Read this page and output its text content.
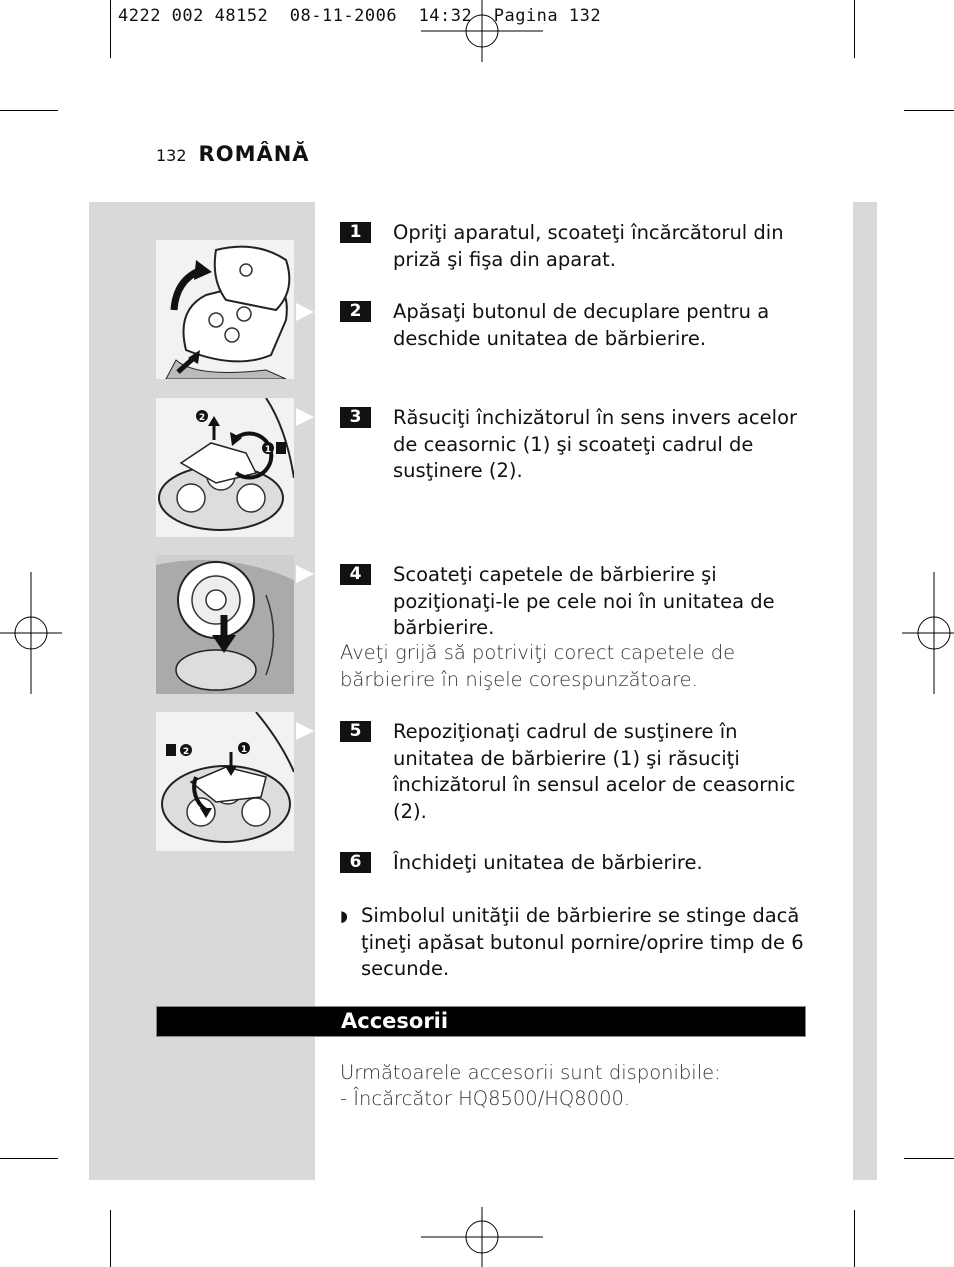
4222 002 48152  08-11-2006  14:32  Pagina 132
132 ROMÂNĂ
2
1
1
2
1	Opriţi aparatul, scoateţi încărcătorul din priză şi fişa din aparat.
2	Apăsaţi butonul de decuplare pentru a deschide unitatea de bărbierire.
3	Răsuciţi închizătorul în sens invers acelor de ceasornic (1) şi scoateţi cadrul de susţinere (2).
4	Scoateţi capetele de bărbierire şi poziţionaţi-le pe cele noi în unitatea de bărbierire.
Aveţi grijă să potriviţi corect capetele de bărbierire în nişele corespunzătoare.
5	Repoziţionaţi cadrul de susţinere în unitatea de bărbierire (1) şi răsuciţi închizătorul în sensul acelor de ceasornic (2).
6	Închideţi unitatea de bărbierire.
◗ Simbolul unităţii de bărbierire se stinge dacă ţineţi apăsat butonul pornire/oprire timp de 6 secunde.
Accesorii
Următoarele accesorii sunt disponibile:
- Încărcător HQ8500/HQ8000.
